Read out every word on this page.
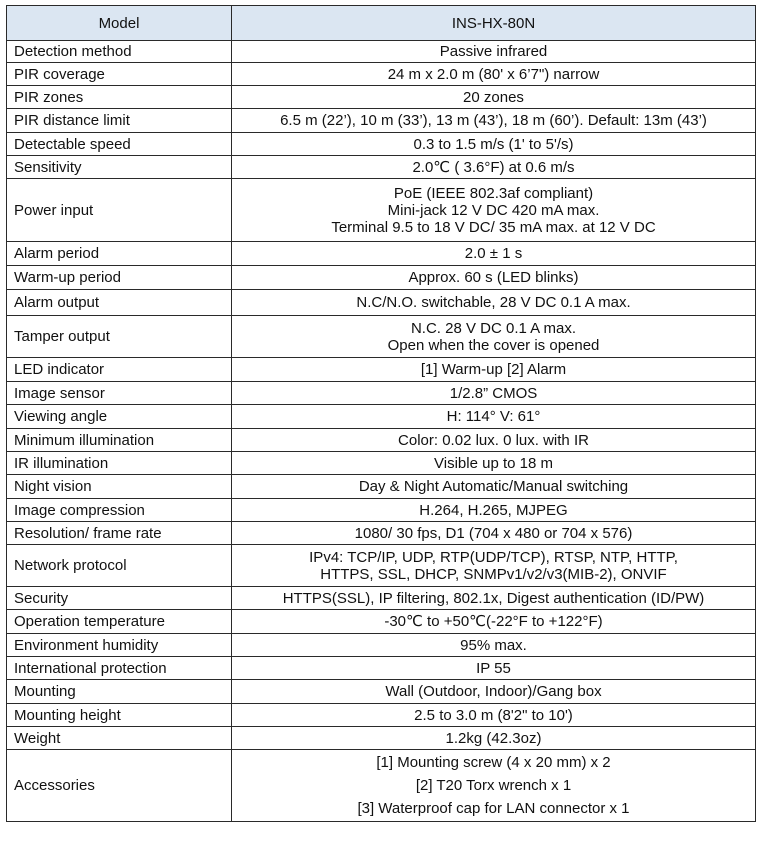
Model	INS-HX-80N
Detection method	Passive infrared

PIR coverage	24 m x 2.0 m (80' x 6’7") narrow

PIR zones	20 zones

PIR distance limit	6.5 m (22’), 10 m (33’), 13 m (43’), 18 m (60’). Default: 13m (43’)

Detectable speed	0.3 to 1.5 m/s (1' to 5'/s)

Sensitivity	2.0℃ ( 3.6°F) at 0.6 m/s

Power input	PoE (IEEE 802.3af compliant)
Mini-jack 12 V DC 420 mA max.
Terminal 9.5 to 18 V DC/ 35 mA max. at 12 V DC

Alarm period	2.0 ± 1 s

Warm-up period	Approx. 60 s (LED blinks)

Alarm output	N.C/N.O. switchable, 28 V DC 0.1 A max.

Tamper output	N.C. 28 V DC 0.1 A max.
Open when the cover is opened

LED indicator	[1] Warm-up [2] Alarm

Image sensor	1/2.8” CMOS

Viewing angle	H: 114° V: 61°

Minimum illumination	Color: 0.02 lux. 0 lux. with IR

IR illumination	Visible up to 18 m

Night vision	Day & Night Automatic/Manual switching

Image compression	H.264, H.265, MJPEG

Resolution/ frame rate	1080/ 30 fps, D1 (704 x 480 or 704 x 576)

Network protocol	IPv4: TCP/IP, UDP, RTP(UDP/TCP), RTSP, NTP, HTTP,
HTTPS, SSL, DHCP, SNMPv1/v2/v3(MIB-2), ONVIF

Security	HTTPS(SSL), IP filtering, 802.1x, Digest authentication (ID/PW)

Operation temperature	-30℃ to +50℃(-22°F to +122°F)

Environment humidity	95% max.

International protection	IP 55

Mounting	Wall (Outdoor, Indoor)/Gang box

Mounting height	2.5 to 3.0 m (8'2" to 10')

Weight	1.2kg (42.3oz)

Accessories	[1] Mounting screw (4 x 20 mm) x 2
[2] T20 Torx wrench x 1
[3] Waterproof cap for LAN connector x 1
